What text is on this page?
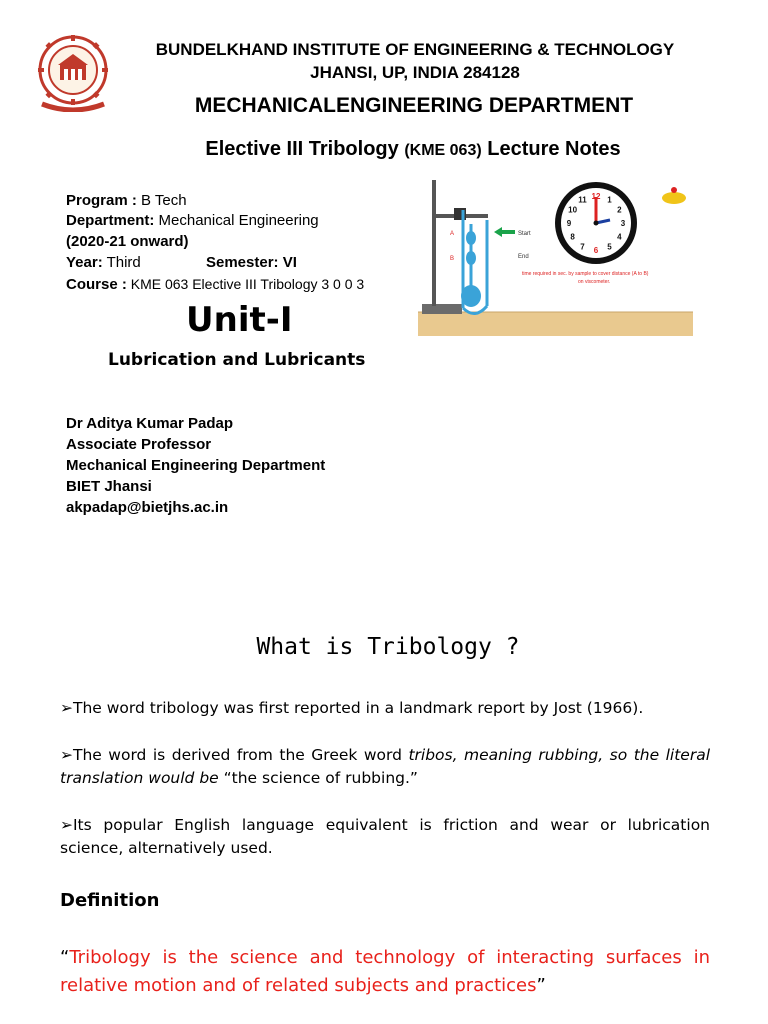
BUNDELKHAND INSTITUTE OF ENGINEERING & TECHNOLOGY
JHANSI, UP, INDIA 284128
MECHANICALENGINEERING DEPARTMENT
Elective III Tribology (KME 063) Lecture Notes
Program : B Tech
Department: Mechanical Engineering
(2020-21 onward)
Year: Third	Semester: VI
Course : KME 063 Elective III Tribology 3 0 0 3
A
B
Start
End
time required in sec. by sample to cover distance (A to B)
on viscometer.
12 1
2
3
4
5
6
7
8
9
10
11
Unit-I
Lubrication and Lubricants
Dr Aditya Kumar Padap
Associate Professor
Mechanical Engineering Department
BIET Jhansi
akpadap@bietjhs.ac.in
What is Tribology ?
➢The word tribology was first reported in a landmark report by Jost (1966).
➢The word is derived from the Greek word tribos, meaning rubbing, so the literal translation would be “the science of rubbing.”
➢Its popular English language equivalent is friction and wear or lubrication science, alternatively used.
Definition
“Tribology is the science and technology of interacting surfaces in relative motion and of related subjects and practices”
